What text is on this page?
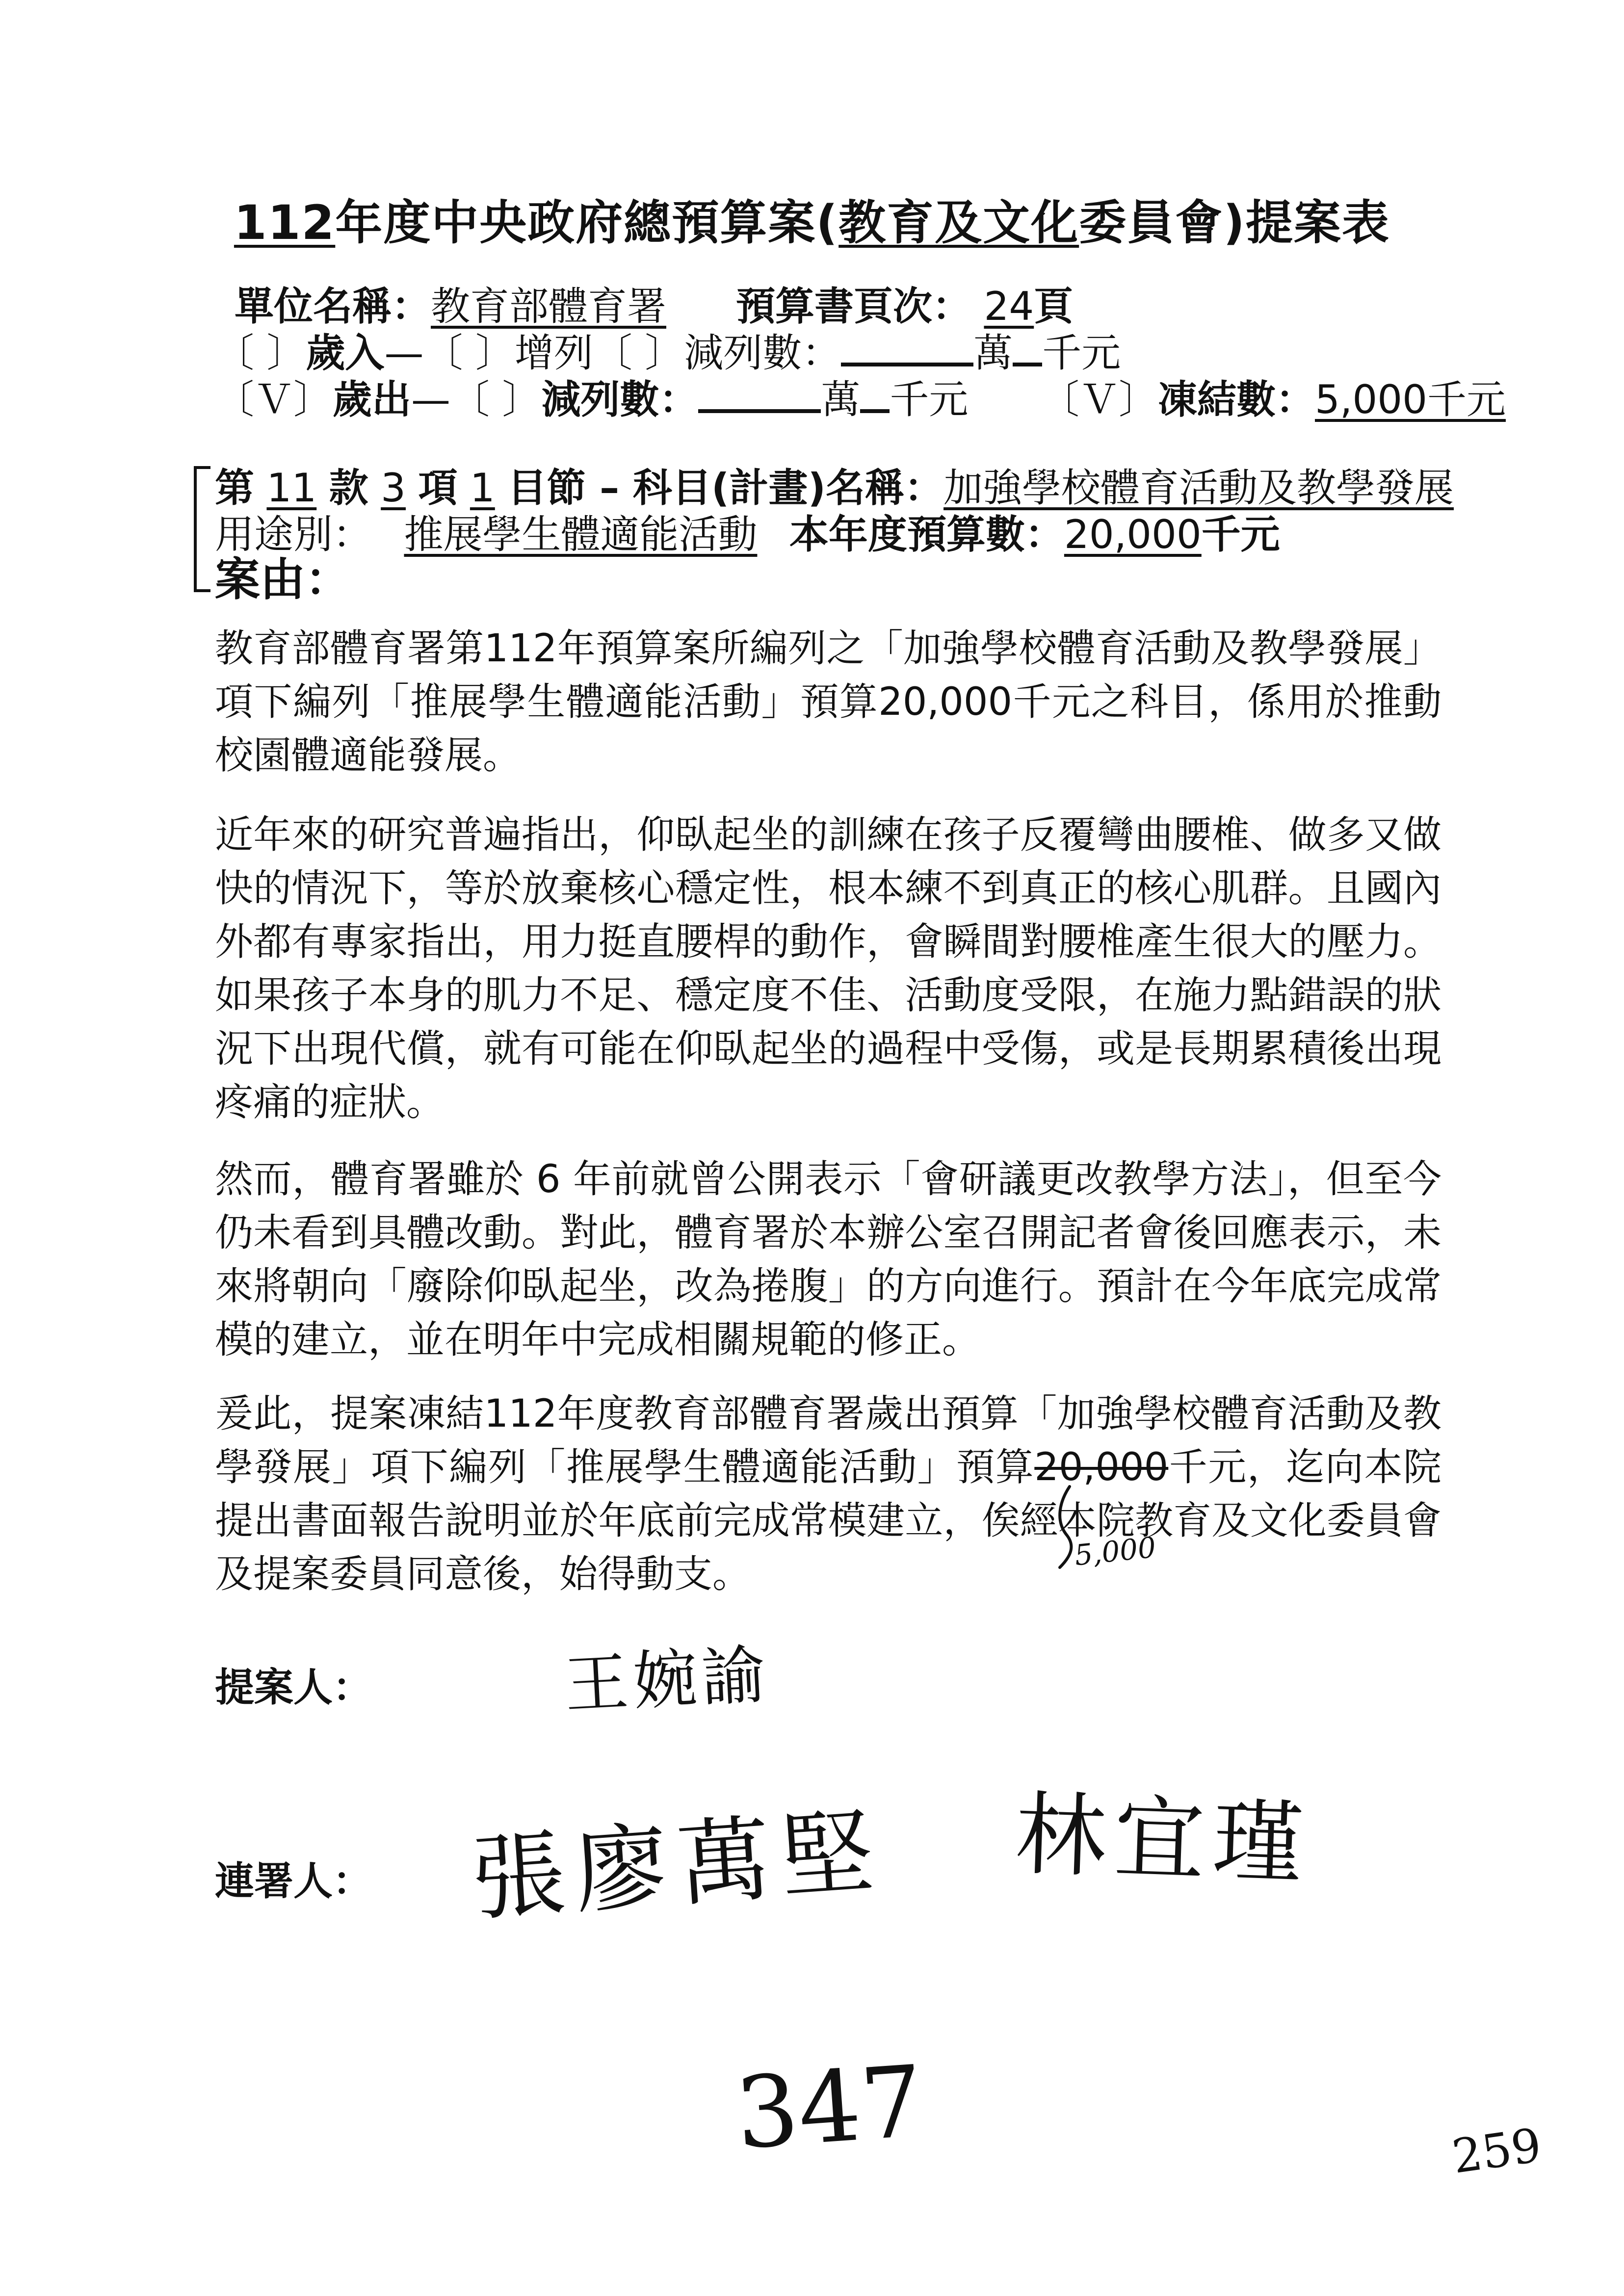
112年度中央政府總預算案(教育及文化委員會)提案表
單位名稱：教育部體育署 預算書頁次： 24頁
〔 〕歲入—〔 〕增列〔 〕減列數：	萬 千元
〔Ｖ〕歲出—〔 〕減列數：	萬 千元 〔Ｖ〕凍結數：5,000千元
第 11 款 3 項 1 目節 – 科目(計畫)名稱：加強學校體育活動及教學發展
用途別： 推展學生體適能活動 本年度預算數：20,000千元
案由：
教育部體育署第112年預算案所編列之「加強學校體育活動及教學發展」項下編列「推展學生體適能活動」預算20,000千元之科目，係用於推動校園體適能發展。
近年來的研究普遍指出，仰臥起坐的訓練在孩子反覆彎曲腰椎、做多又做快的情況下，等於放棄核心穩定性，根本練不到真正的核心肌群。且國內外都有專家指出，用力挺直腰桿的動作，會瞬間對腰椎產生很大的壓力。如果孩子本身的肌力不足、穩定度不佳、活動度受限，在施力點錯誤的狀況下出現代償，就有可能在仰臥起坐的過程中受傷，或是長期累積後出現疼痛的症狀。
然而，體育署雖於 6 年前就曾公開表示「會研議更改教學方法」，但至今仍未看到具體改動。對此，體育署於本辦公室召開記者會後回應表示，未來將朝向「廢除仰臥起坐，改為捲腹」的方向進行。預計在今年底完成常模的建立，並在明年中完成相關規範的修正。
爰此，提案凍結112年度教育部體育署歲出預算「加強學校體育活動及教學發展」項下編列「推展學生體適能活動」預算20,000千元，迄向本院提出書面報告說明並於年底前完成常模建立，俟經本院教育及文化委員會及提案委員同意後，始得動支。
5,000
提案人：	王婉諭
連署人： 張廖萬堅 林宜瑾
347	259
